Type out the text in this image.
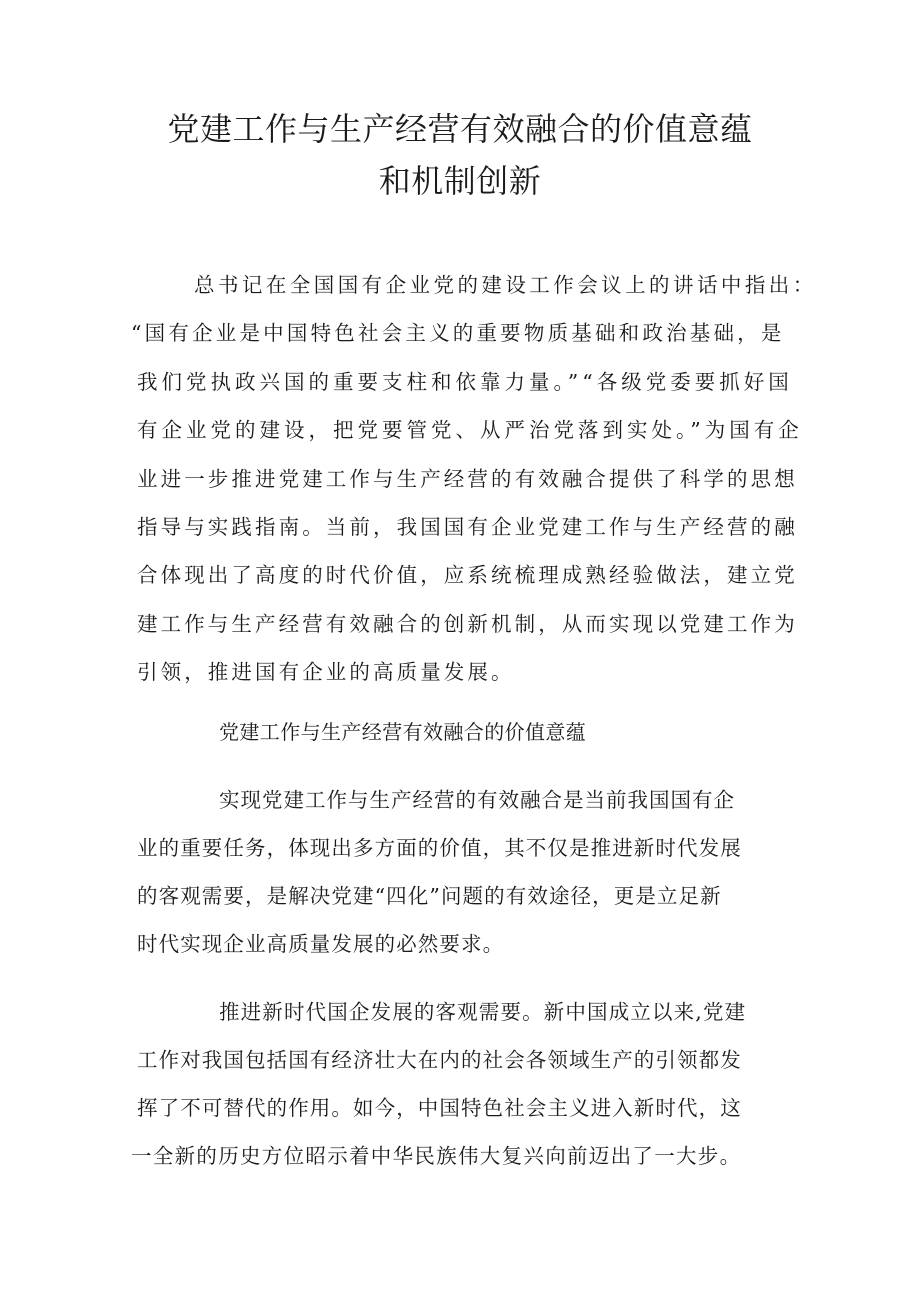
党建工作与生产经营有效融合的价值意蕴
和机制创新
总书记在全国国有企业党的建设工作会议上的讲话中指出：
“国有企业是中国特色社会主义的重要物质基础和政治基础，是
我们党执政兴国的重要支柱和依靠力量。”“各级党委要抓好国
有企业党的建设，把党要管党、从严治党落到实处。”为国有企
业进一步推进党建工作与生产经营的有效融合提供了科学的思想
指导与实践指南。当前，我国国有企业党建工作与生产经营的融
合体现出了高度的时代价值，应系统梳理成熟经验做法，建立党
建工作与生产经营有效融合的创新机制，从而实现以党建工作为
引领，推进国有企业的高质量发展。
党建工作与生产经营有效融合的价值意蕴
实现党建工作与生产经营的有效融合是当前我国国有企
业的重要任务，体现出多方面的价值，其不仅是推进新时代发展
的客观需要，是解决党建“四化”问题的有效途径，更是立足新
时代实现企业高质量发展的必然要求。
推进新时代国企发展的客观需要。新中国成立以来,党建
工作对我国包括国有经济壮大在内的社会各领域生产的引领都发
挥了不可替代的作用。如今，中国特色社会主义进入新时代，这
一全新的历史方位昭示着中华民族伟大复兴向前迈出了一大步。
